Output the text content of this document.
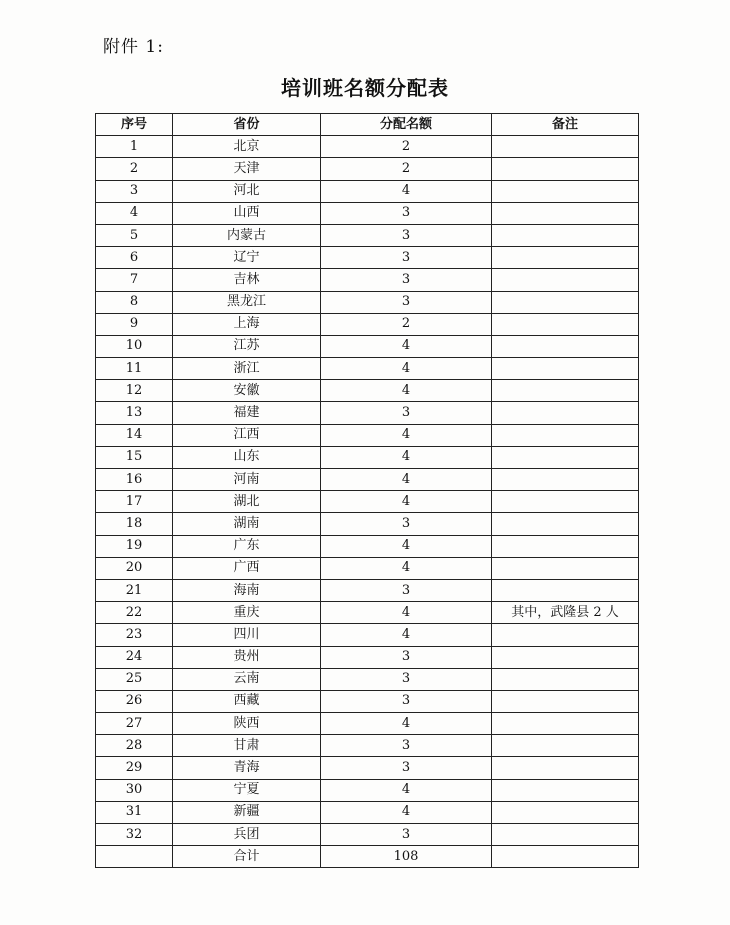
附件 1:
培训班名额分配表
序号	省份	分配名额	备注
1	北京	2	
2	天津	2	
3	河北	4	
4	山西	3	
5	内蒙古	3	
6	辽宁	3	
7	吉林	3	
8	黑龙江	3	
9	上海	2	
10	江苏	4	
11	浙江	4	
12	安徽	4	
13	福建	3	
14	江西	4	
15	山东	4	
16	河南	4	
17	湖北	4	
18	湖南	3	
19	广东	4	
20	广西	4	
21	海南	3	
22	重庆	4	其中，武隆县 2 人
23	四川	4	
24	贵州	3	
25	云南	3	
26	西藏	3	
27	陕西	4	
28	甘肃	3	
29	青海	3	
30	宁夏	4	
31	新疆	4	
32	兵团	3	
	合计	108	
